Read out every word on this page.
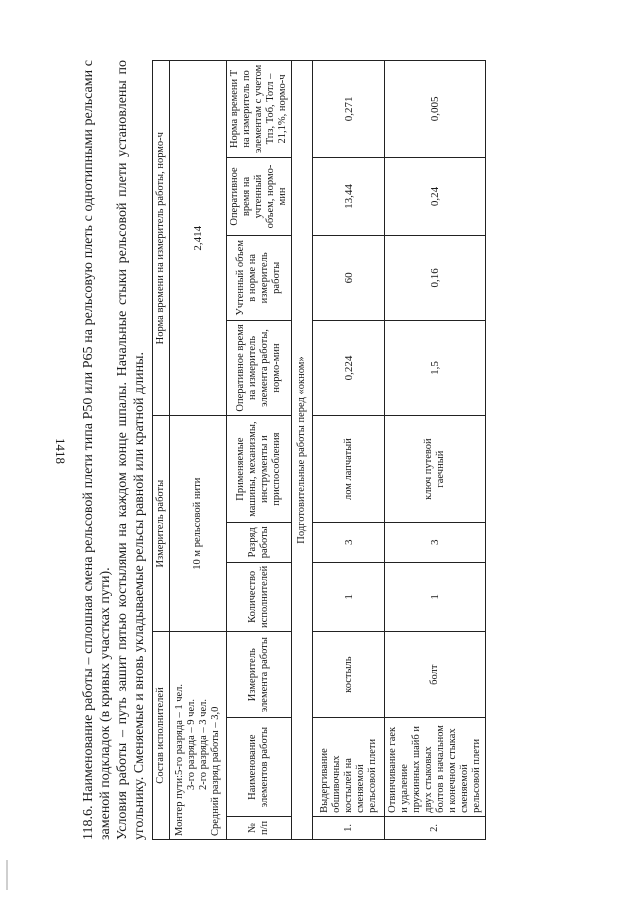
1418 118.6. Наименование работы – сплошная смена рельсовой плети типа Р50 или Р65 на рельсовую плеть с однотипными рельсами с заменой подкладок (в кривых участках пути). Условия работы – путь зашит пятью костылями на каждом конце шпалы. Начальные стыки рельсовой плети установлены по угольнику. Сменяемые и вновь укладываемые рельсы равной или кратной длины. Состав исполнителей			Измеритель работы			Норма времени на измеритель работы, нормо-ч			

Монтер пути:5-го разряда – 1 чел. 3-го разряда – 9 чел. 2-го разряда – 3 чел. Средний разряд работы – 3,0			10 м рельсовой нити			2,414			
№ п/п	Наименование элементов работы	Измеритель элемента работы	Количество исполнителей	Разряд работы	Применяемые машины, механизмы, инструменты и приспособления	Оперативное время на измеритель элемента работы, нормо-мин	Учтенный объем в норме на измеритель работы	Оперативное время на учтенный объем, нормо-мин	Норма времени Т на измеритель по элементам с учетом Тпз, Тоб, Тотл – 21,1%, нормо-ч
Подготовительные работы перед «окном»									
1.	Выдергивание обшивочных костылей на сменяемой рельсовой плети	костыль	1	3	лом лапчатый	0,224	60	13,44	0,271
2.	Отвинчивание гаек и удаление пружинных шайб и двух стыковых болтов в начальном и конечном стыках сменяемой рельсовой плети	болт	1	3	ключ путевой гаечный	1,5	0,16	0,24	0,005
